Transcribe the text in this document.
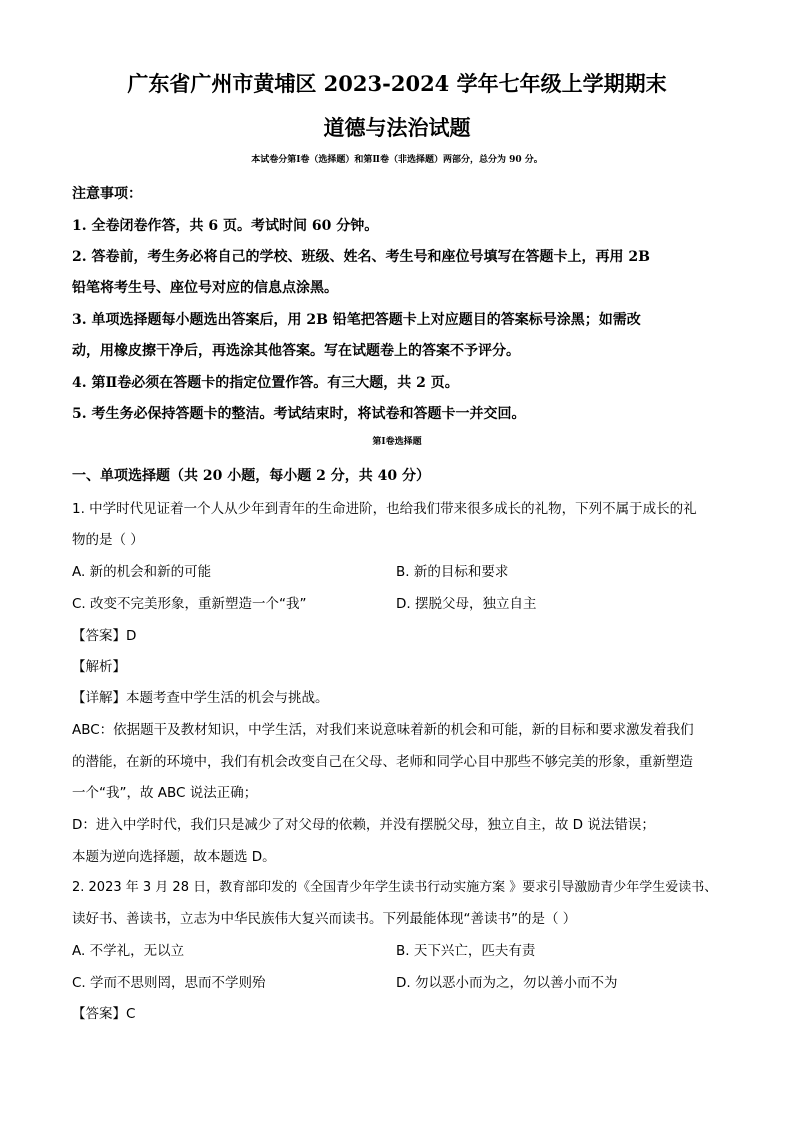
广东省广州市黄埔区 2023-2024 学年七年级上学期期末
道德与法治试题
本试卷分第Ⅰ卷（选择题）和第Ⅱ卷（非选择题）两部分，总分为 90 分。
注意事项：
1. 全卷闭卷作答，共 6 页。考试时间 60 分钟。
2. 答卷前，考生务必将自己的学校、班级、姓名、考生号和座位号填写在答题卡上，再用 2B
铅笔将考生号、座位号对应的信息点涂黑。
3. 单项选择题每小题选出答案后，用 2B 铅笔把答题卡上对应题目的答案标号涂黑；如需改
动，用橡皮擦干净后，再选涂其他答案。写在试题卷上的答案不予评分。
4. 第Ⅱ卷必须在答题卡的指定位置作答。有三大题，共 2 页。
5. 考生务必保持答题卡的整洁。考试结束时，将试卷和答题卡一并交回。
第Ⅰ卷选择题
一、单项选择题（共 20 小题，每小题 2 分，共 40 分）
1. 中学时代见证着一个人从少年到青年的生命进阶，也给我们带来很多成长的礼物，下列不属于成长的礼
物的是（ ）
A. 新的机会和新的可能	B. 新的目标和要求
C. 改变不完美形象，重新塑造一个“我”	D. 摆脱父母，独立自主
【答案】D
【解析】
【详解】本题考查中学生活的机会与挑战。
ABC：依据题干及教材知识，中学生活，对我们来说意味着新的机会和可能，新的目标和要求激发着我们
的潜能，在新的环境中，我们有机会改变自己在父母、老师和同学心目中那些不够完美的形象，重新塑造
一个“我”，故 ABC 说法正确；
D：进入中学时代，我们只是减少了对父母的依赖，并没有摆脱父母，独立自主，故 D 说法错误；
本题为逆向选择题，故本题选 D。
2. 2023 年 3 月 28 日，教育部印发的《全国青少年学生读书行动实施方案 》要求引导激励青少年学生爱读书、
读好书、善读书，立志为中华民族伟大复兴而读书。下列最能体现“善读书”的是（ ）
A. 不学礼，无以立	B. 天下兴亡，匹夫有责
C. 学而不思则罔，思而不学则殆	D. 勿以恶小而为之，勿以善小而不为
【答案】C
